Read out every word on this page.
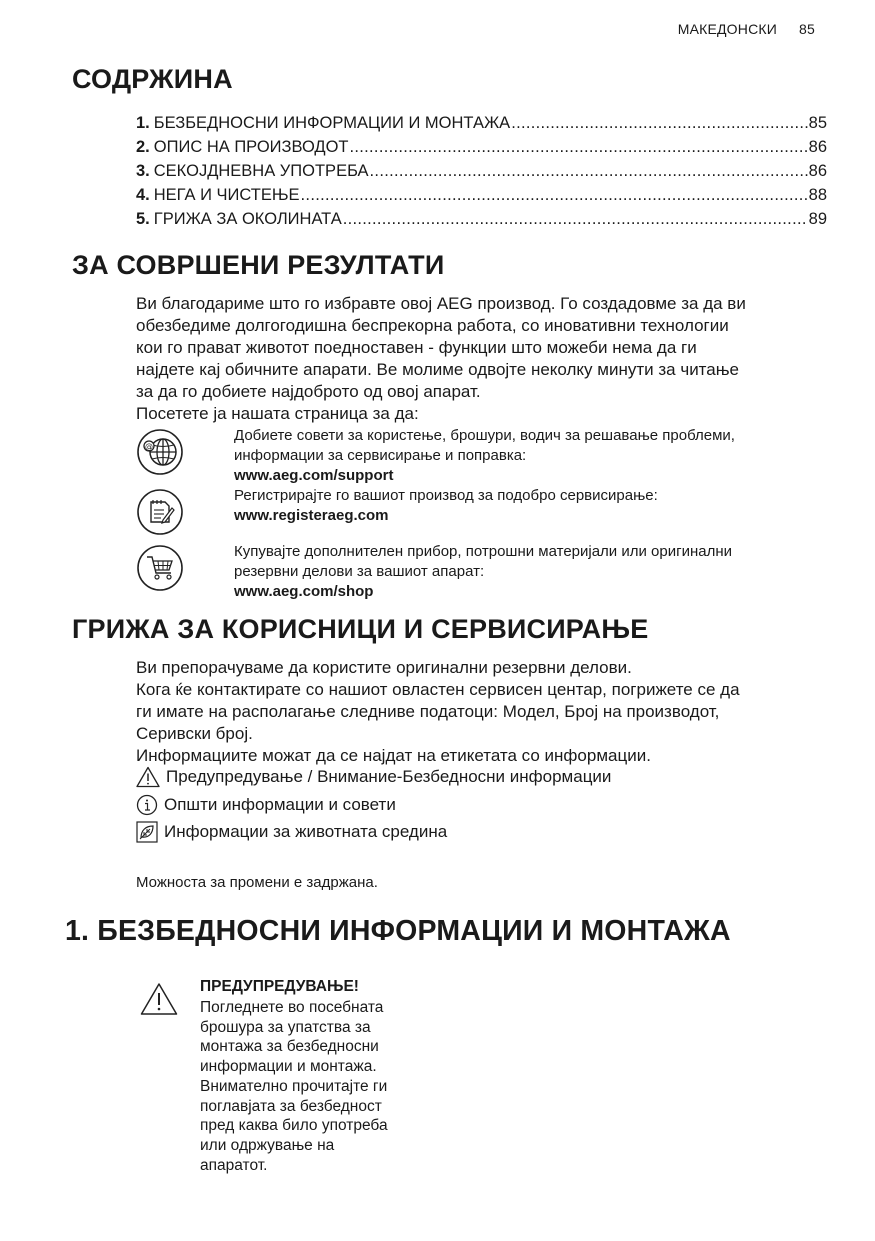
МАКЕДОНСКИ 85
СОДРЖИНА
1. БЕЗБЕДНОСНИ ИНФОРМАЦИИ И МОНТАЖА .....	85
2. ОПИС НА ПРОИЗВОДОТ .....	86
3. СЕКОЈДНЕВНА УПОТРЕБА .....	86
4. НЕГА И ЧИСТЕЊЕ .....	88
5. ГРИЖА ЗА ОКОЛИНАТА .....	89
ЗА СОВРШЕНИ РЕЗУЛТАТИ
Ви благодариме што го избравте овој AEG производ. Го создадовме за да ви
обезбедиме долгогодишна беспрекорна работа, со иновативни технологии
кои го прават животот поедноставен - функции што можеби нема да ги
најдете кај обичните апарати. Ве молиме одвојте неколку минути за читање
за да го добиете најдоброто од овој апарат.
Посетете ја нашата страница за да:
@
Добиете совети за користење, брошури, водич за решавање проблеми,
информации за сервисирање и поправка:
www.aeg.com/support
Регистрирајте го вашиот производ за подобро сервисирање:
www.registeraeg.com
Купувајте дополнителен прибор, потрошни материјали или оригинални
резервни делови за вашиот апарат:
www.aeg.com/shop
ГРИЖА ЗА КОРИСНИЦИ И СЕРВИСИРАЊЕ
Ви препорачуваме да користите оригинални резервни делови.
Кога ќе контактирате со нашиот овластен сервисен центар, погрижете се да
ги имате на располагање следниве податоци: Модел, Број на производот,
Серивски број.
Информациите можат да се најдат на етикетата со информации.
Предупредување / Внимание-Безбедносни информации
Општи информации и совети
Информации за животната средина
Можноста за промени е задржана.
1. БЕЗБЕДНОСНИ ИНФОРМАЦИИ И МОНТАЖА
ПРЕДУПРЕДУВАЊЕ!
Погледнете во посебната
брошура за упатства за
монтажа за безбедносни
информации и монтажа.
Внимателно прочитајте ги
поглавјата за безбедност
пред каква било употреба
или одржување на
апаратот.
